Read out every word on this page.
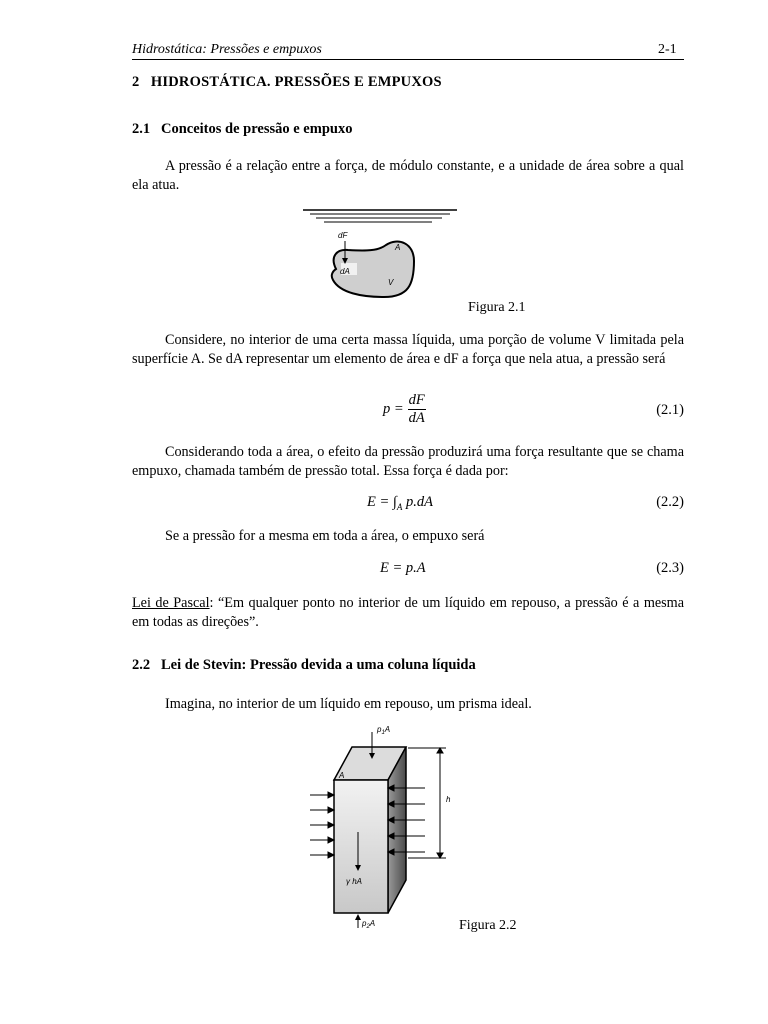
Hidrostática: Pressões e empuxos	2-1
2   HIDROSTÁTICA. PRESSÕES E EMPUXOS
2.1   Conceitos de pressão e empuxo
A pressão é a relação entre a força, de módulo constante, e a unidade de área sobre a qual ela atua.
dF
A
dA
V
Figura 2.1
Considere, no interior de uma certa massa líquida, uma porção de volume V limitada pela superfície A. Se dA representar um elemento de área e dF a força que nela atua, a pressão será
$p = \frac{dF}{dA}$	(2.1)
Considerando toda a área, o efeito da pressão produzirá uma força resultante que se chama empuxo, chamada também de pressão total. Essa força é dada por:
$E = \int_A$ p.dA	(2.2)
Se a pressão for a mesma em toda a área, o empuxo será
E = p.A	(2.3)
Lei de Pascal: “Em qualquer ponto no interior de um líquido em repouso, a pressão é a mesma em todas as direções”.
2.2   Lei de Stevin: Pressão devida a uma coluna líquida
Imagina, no interior de um líquido em repouso, um prisma ideal.
$p_1A$
A
h
γ hA
$p_2A$	Figura 2.2
